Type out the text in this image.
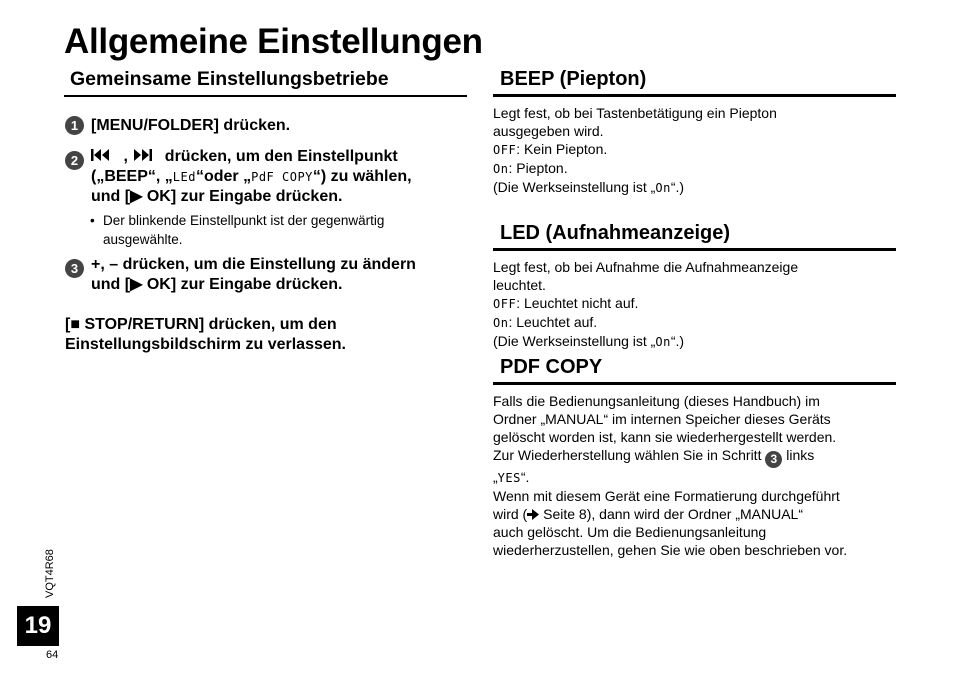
Allgemeine Einstellungen
Gemeinsame Einstellungsbetriebe
1 [MENU/FOLDER] drücken.
2	,  drücken, um den Einstellpunkt
(„BEEP“, „LEd“oder „PdF COPY“) zu wählen,
und [▶ OK] zur Eingabe drücken.
• Der blinkende Einstellpunkt ist der gegenwärtig ausgewählte.
3 +, – drücken, um die Einstellung zu ändern
und [▶ OK] zur Eingabe drücken.
[■ STOP/RETURN] drücken, um den
Einstellungsbildschirm zu verlassen.
BEEP (Piepton)
Legt fest, ob bei Tastenbetätigung ein Piepton
ausgegeben wird.
OFF: Kein Piepton.
On: Piepton.
(Die Werkseinstellung ist „On“.)
LED (Aufnahmeanzeige)
Legt fest, ob bei Aufnahme die Aufnahmeanzeige
leuchtet.
OFF: Leuchtet nicht auf.
On: Leuchtet auf.
(Die Werkseinstellung ist „On“.)
PDF COPY
Falls die Bedienungsanleitung (dieses Handbuch) im
Ordner „MANUAL“ im internen Speicher dieses Geräts
gelöscht worden ist, kann sie wiederhergestellt werden.
Zur Wiederherstellung wählen Sie in Schritt 3 links
„YES“.
Wenn mit diesem Gerät eine Formatierung durchgeführt
wird ( Seite 8), dann wird der Ordner „MANUAL“
auch gelöscht. Um die Bedienungsanleitung
wiederherzustellen, gehen Sie wie oben beschrieben vor.
VQT4R68
19
64
